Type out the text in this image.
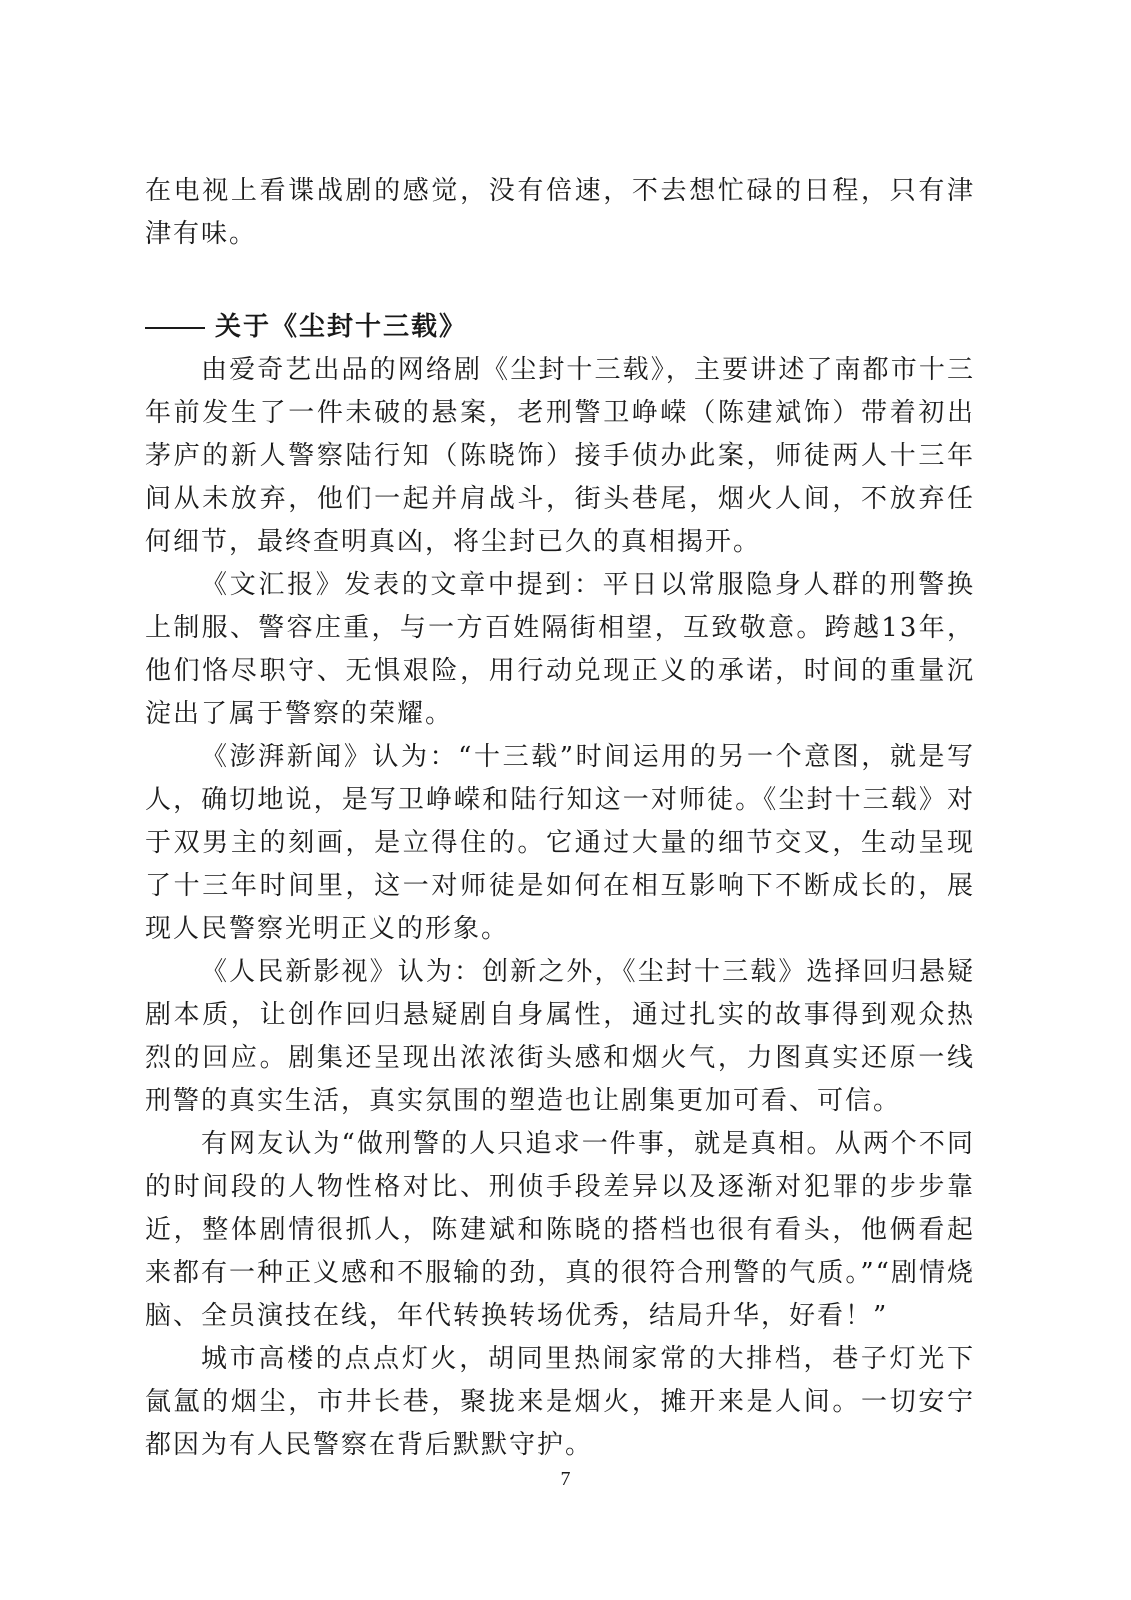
在电视上看谍战剧的感觉，没有倍速，不去想忙碌的日程，只有津津有味。

关于《尘封十三载》

由爱奇艺出品的网络剧《尘封十三载》，主要讲述了南都市十三年前发生了一件未破的悬案，老刑警卫峥嵘（陈建斌饰）带着初出茅庐的新人警察陆行知（陈晓饰）接手侦办此案，师徒两人十三年间从未放弃，他们一起并肩战斗，街头巷尾，烟火人间，不放弃任何细节，最终查明真凶，将尘封已久的真相揭开。

《文汇报》发表的文章中提到：平日以常服隐身人群的刑警换上制服、警容庄重，与一方百姓隔街相望，互致敬意。跨越13年，他们恪尽职守、无惧艰险，用行动兑现正义的承诺，时间的重量沉淀出了属于警察的荣耀。

《澎湃新闻》认为：“十三载”时间运用的另一个意图，就是写人，确切地说，是写卫峥嵘和陆行知这一对师徒。《尘封十三载》对于双男主的刻画，是立得住的。它通过大量的细节交叉，生动呈现了十三年时间里，这一对师徒是如何在相互影响下不断成长的，展现人民警察光明正义的形象。

《人民新影视》认为：创新之外，《尘封十三载》选择回归悬疑剧本质，让创作回归悬疑剧自身属性，通过扎实的故事得到观众热烈的回应。剧集还呈现出浓浓街头感和烟火气，力图真实还原一线刑警的真实生活，真实氛围的塑造也让剧集更加可看、可信。

有网友认为“做刑警的人只追求一件事，就是真相。从两个不同的时间段的人物性格对比、刑侦手段差异以及逐渐对犯罪的步步靠近，整体剧情很抓人，陈建斌和陈晓的搭档也很有看头，他俩看起来都有一种正义感和不服输的劲，真的很符合刑警的气质。”“剧情烧脑、全员演技在线，年代转换转场优秀，结局升华，好看！”

城市高楼的点点灯火，胡同里热闹家常的大排档，巷子灯光下氤氲的烟尘，市井长巷，聚拢来是烟火，摊开来是人间。一切安宁都因为有人民警察在背后默默守护。

7
